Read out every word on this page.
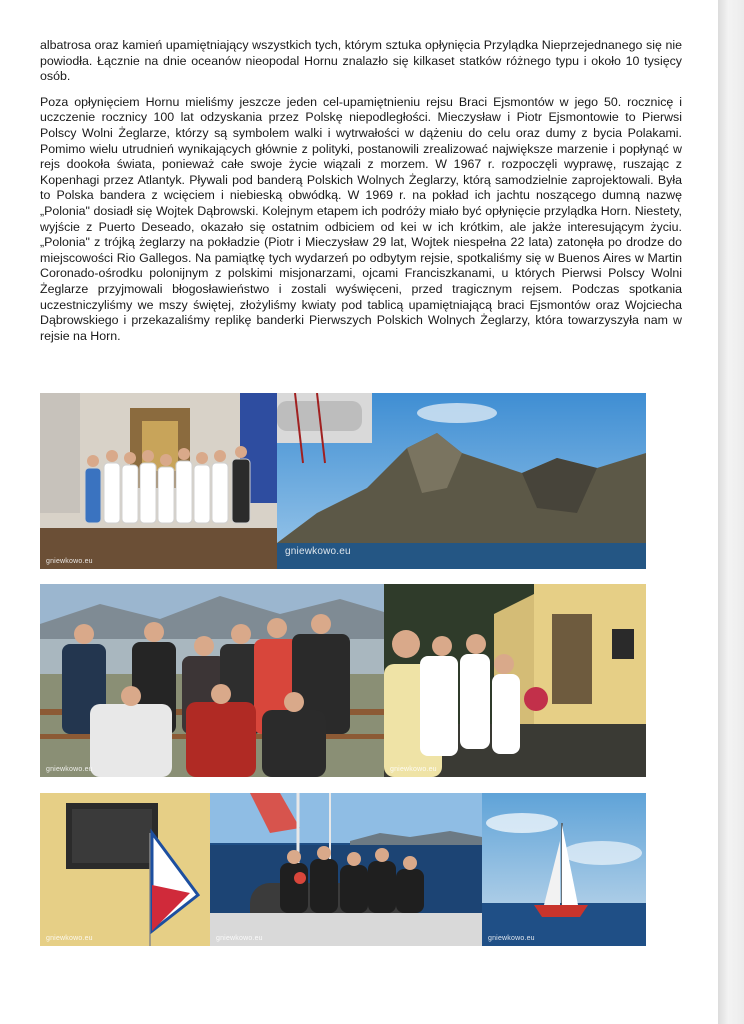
albatrosa oraz kamień upamiętniający wszystkich tych, którym sztuka opłynięcia Przylądka Nieprzejednanego się nie powiodła. Łącznie na dnie oceanów nieopodal Hornu znalazło się kilkaset statków różnego typu i około 10 tysięcy osób.

Poza opłynięciem Hornu mieliśmy jeszcze jeden cel-upamiętnieniu rejsu Braci Ejsmontów w jego 50. rocznicę i uczczenie rocznicy 100 lat odzyskania przez Polskę niepodległości. Mieczysław i Piotr Ejsmontowie to Pierwsi Polscy Wolni Żeglarze, którzy są symbolem walki i wytrwałości w dążeniu do celu oraz dumy z bycia Polakami. Pomimo wielu utrudnień wynikających głównie z polityki, postanowili zrealizować największe marzenie i popłynąć w rejs dookoła świata, ponieważ całe swoje życie wiązali z morzem. W 1967 r. rozpoczęli wyprawę, ruszając z Kopenhagi przez Atlantyk. Pływali pod banderą Polskich Wolnych Żeglarzy, którą samodzielnie zaprojektowali. Była to Polska bandera z wcięciem i niebieską obwódką. W 1969 r. na pokład ich jachtu noszącego dumną nazwę „Polonia" dosiadł się Wojtek Dąbrowski. Kolejnym etapem ich podróży miało być opłynięcie przylądka Horn. Niestety, wyjście z Puerto Deseado, okazało się ostatnim odbiciem od kei w ich krótkim, ale jakże interesującym życiu. „Polonia" z trójką żeglarzy na pokładzie (Piotr i Mieczysław 29 lat, Wojtek niespełna 22 lata) zatonęła po drodze do miejscowości Rio Gallegos. Na pamiątkę tych wydarzeń po odbytym rejsie, spotkaliśmy się w Buenos Aires w Martin Coronado-ośrodku polonijnym z polskimi misjonarzami, ojcami Franciszkanami, u których Pierwsi Polscy Wolni Żeglarze przyjmowali błogosławieństwo i zostali wyświęceni, przed tragicznym rejsem. Podczas spotkania uczestniczyliśmy we mszy świętej, złożyliśmy kwiaty pod tablicą upamiętniającą braci Ejsmontów oraz Wojciecha Dąbrowskiego i przekazaliśmy replikę banderki Pierwszych Polskich Wolnych Żeglarzy, która towarzyszyła nam w rejsie na Horn.

gniewkowo.eu
gniewkowo.eu
gniewkowo.eu	gniewkowo.eu
gniewkowo.eu	gniewkowo.eu	gniewkowo.eu
